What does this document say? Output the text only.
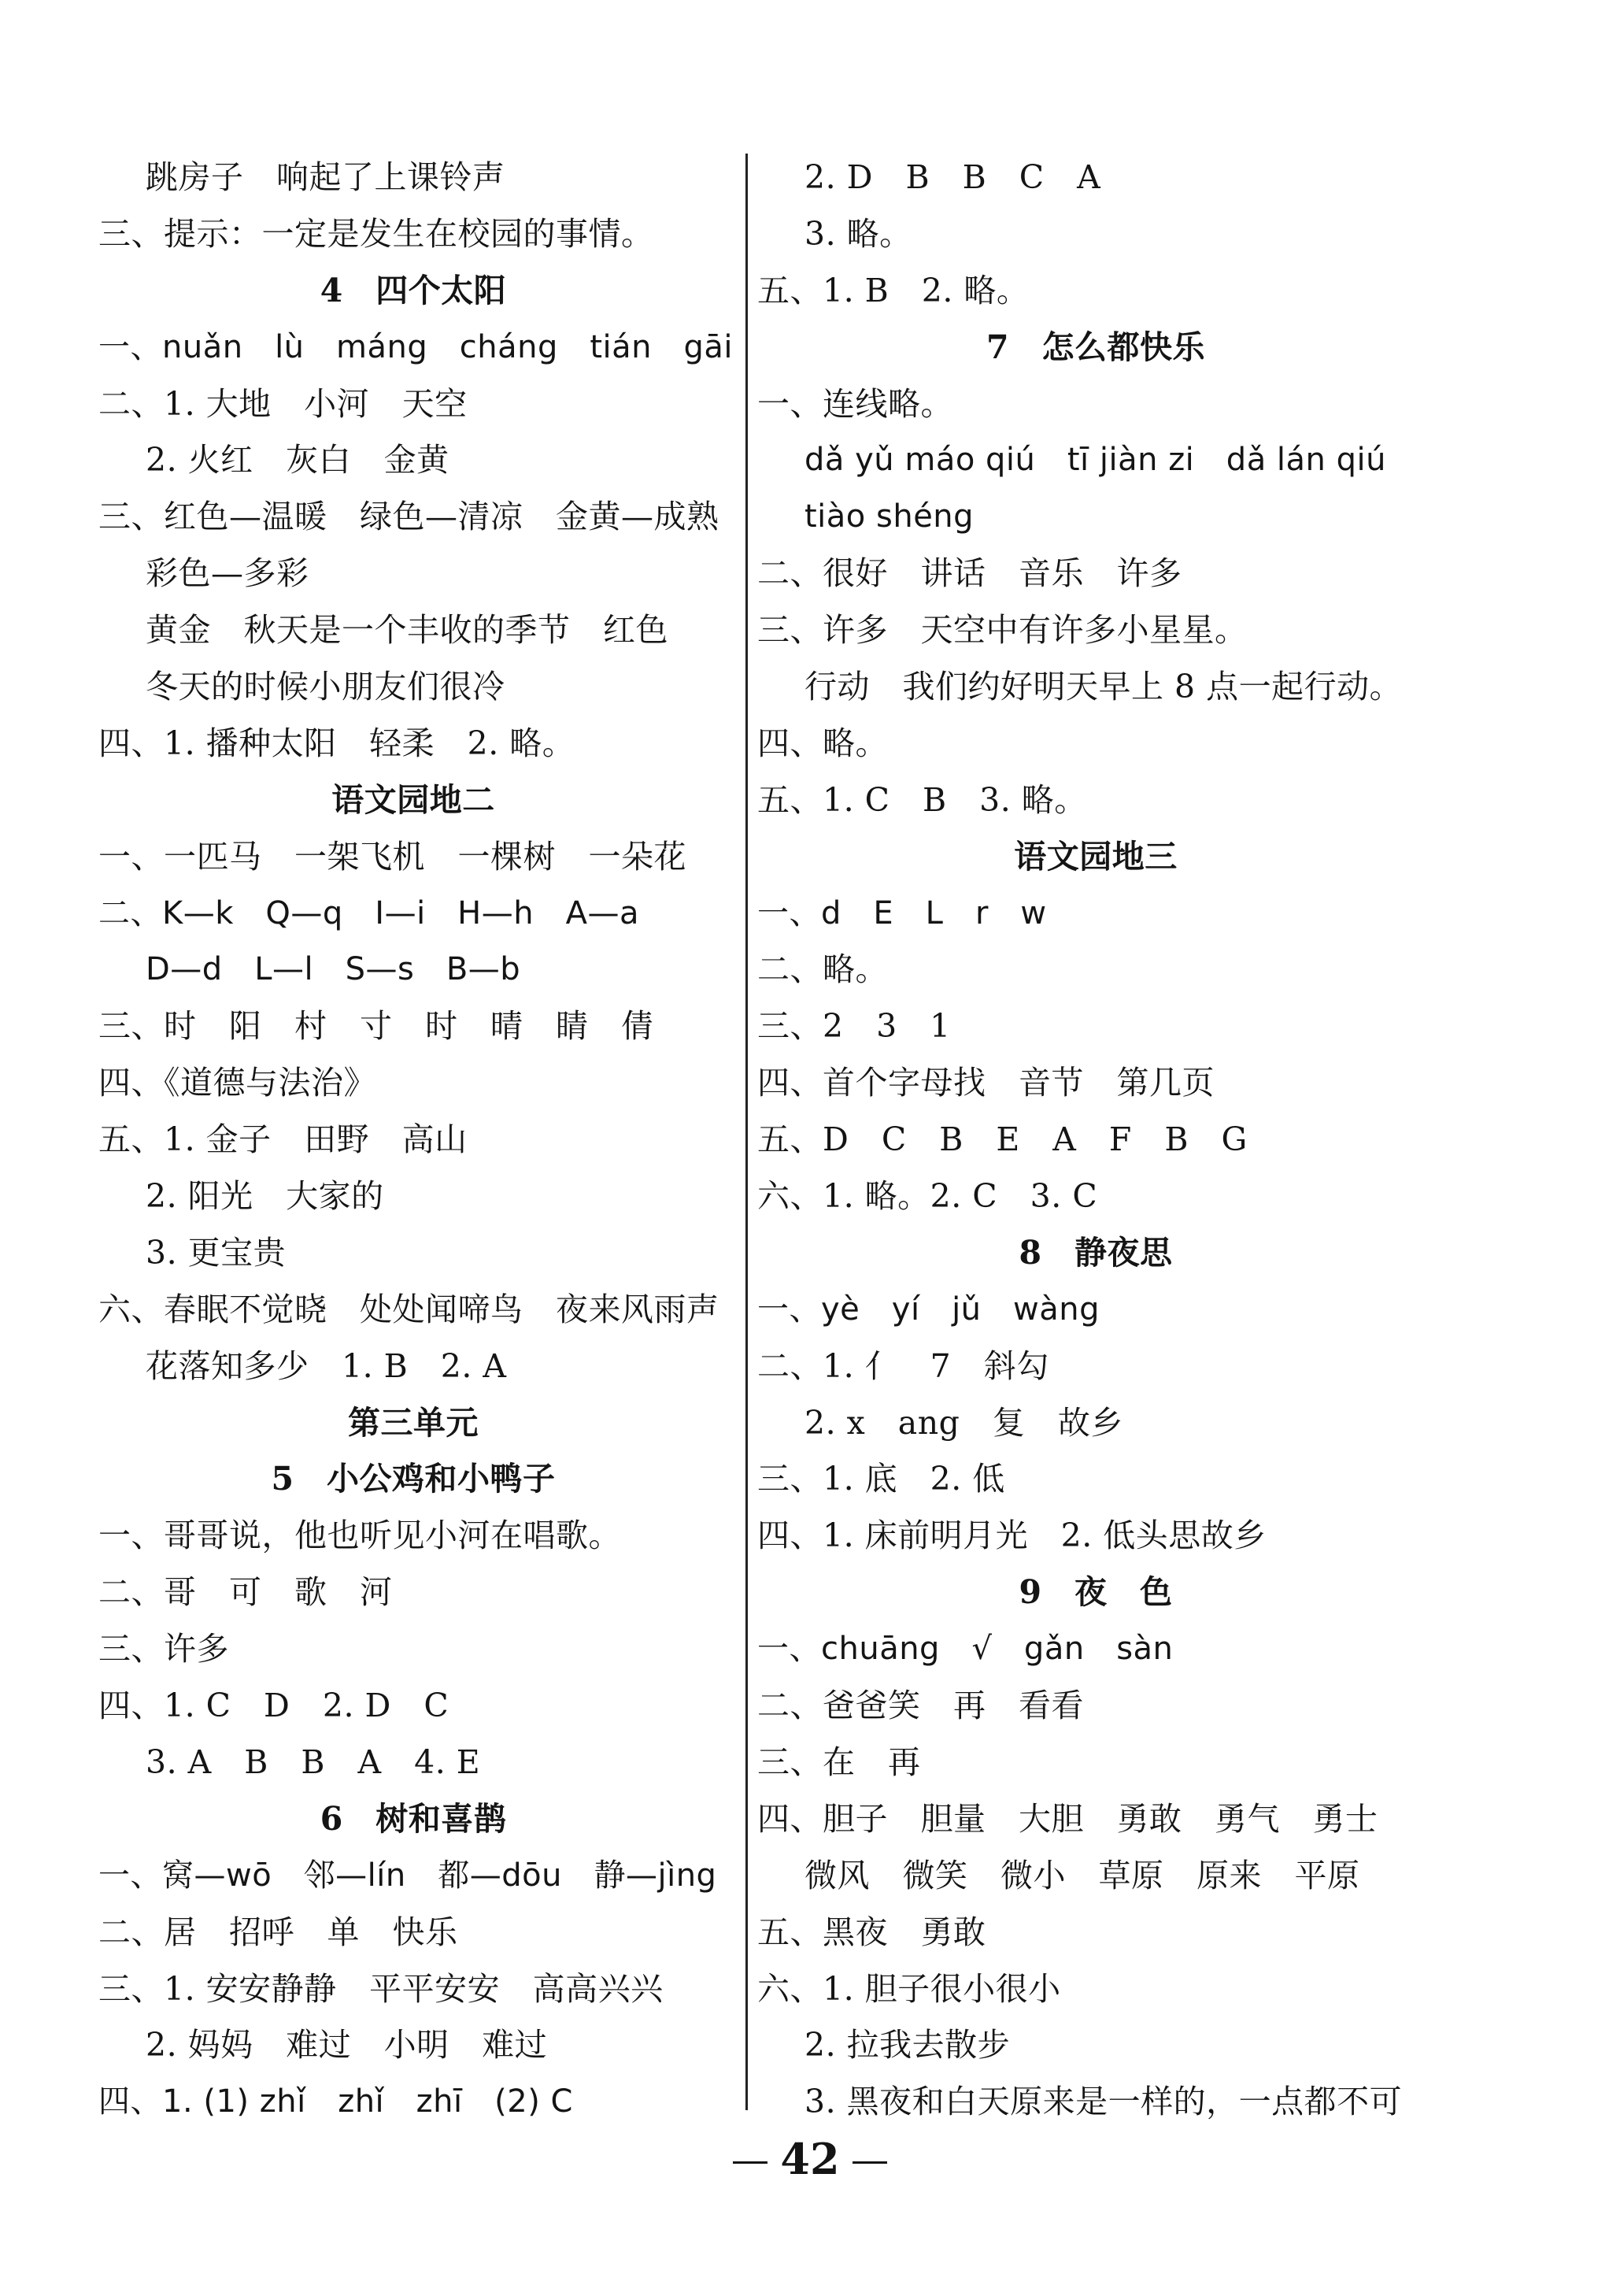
跳房子　响起了上课铃声
三、提示：一定是发生在校园的事情。
4　四个太阳
一、nuǎn　lù　máng　cháng　tián　gāi
二、1. 大地　小河　天空
2. 火红　灰白　金黄
三、红色—温暖　绿色—清凉　金黄—成熟
彩色—多彩
黄金　秋天是一个丰收的季节　红色
冬天的时候小朋友们很冷
四、1. 播种太阳　轻柔　2. 略。
语文园地二
一、一匹马　一架飞机　一棵树　一朵花
二、K—k　Q—q　I—i　H—h　A—a
D—d　L—l　S—s　B—b
三、时　阳　村　寸　时　晴　睛　倩
四、《道德与法治》
五、1. 金子　田野　高山
2. 阳光　大家的
3. 更宝贵
六、春眠不觉晓　处处闻啼鸟　夜来风雨声
花落知多少　1. B　2. A
第三单元
5　小公鸡和小鸭子
一、哥哥说，他也听见小河在唱歌。
二、哥　可　歌　河
三、许多
四、1. C　D　2. D　C
3. A　B　B　A　4. E
6　树和喜鹊
一、窝—wō　邻—lín　都—dōu　静—jìng
二、居　招呼　单　快乐
三、1. 安安静静　平平安安　高高兴兴
2. 妈妈　难过　小明　难过
四、1. (1) zhǐ　zhǐ　zhī　(2) C
2. D　B　B　C　A
3. 略。
五、1. B　2. 略。
7　怎么都快乐
一、连线略。
dǎ yǔ máo qiú　tī jiàn zi　dǎ lán qiú
tiào shéng
二、很好　讲话　音乐　许多
三、许多　天空中有许多小星星。
行动　我们约好明天早上 8 点一起行动。
四、略。
五、1. C　B　3. 略。
语文园地三
一、d　E　L　r　w
二、略。
三、2　3　1
四、首个字母找　音节　第几页
五、D　C　B　E　A　F　B　G
六、1. 略。2. C　3. C
8　静夜思
一、yè　yí　jǔ　wàng
二、1. 亻　7　斜勾
2. x　ang　复　故乡
三、1. 底　2. 低
四、1. 床前明月光　2. 低头思故乡
9　夜　色
一、chuāng　√　gǎn　sàn
二、爸爸笑　再　看看
三、在　再
四、胆子　胆量　大胆　勇敢　勇气　勇士
微风　微笑　微小　草原　原来　平原
五、黑夜　勇敢
六、1. 胆子很小很小
2. 拉我去散步
3. 黑夜和白天原来是一样的，一点都不可
42
